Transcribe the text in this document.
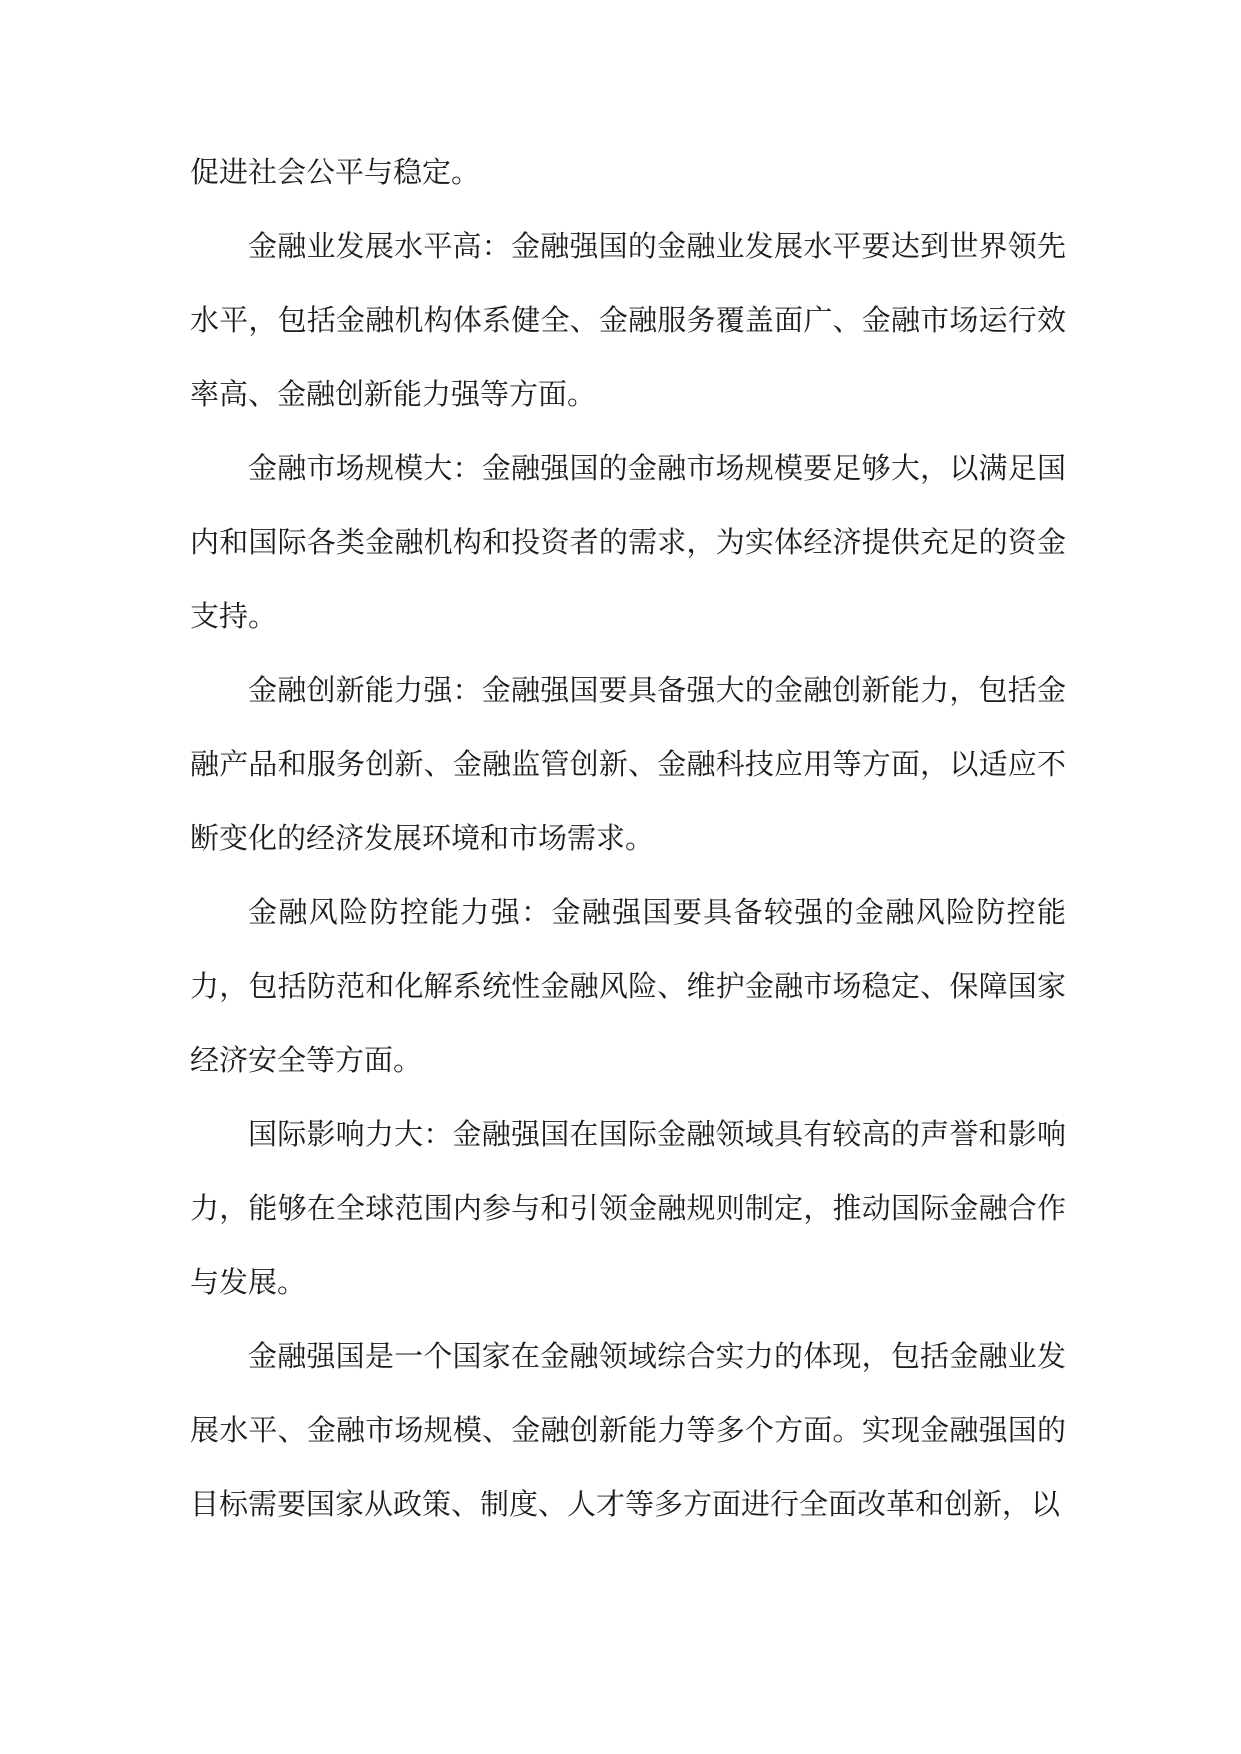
促进社会公平与稳定。

金融业发展水平高：金融强国的金融业发展水平要达到世界领先水平，包括金融机构体系健全、金融服务覆盖面广、金融市场运行效率高、金融创新能力强等方面。

金融市场规模大：金融强国的金融市场规模要足够大，以满足国内和国际各类金融机构和投资者的需求，为实体经济提供充足的资金支持。

金融创新能力强：金融强国要具备强大的金融创新能力，包括金融产品和服务创新、金融监管创新、金融科技应用等方面，以适应不断变化的经济发展环境和市场需求。

金融风险防控能力强：金融强国要具备较强的金融风险防控能力，包括防范和化解系统性金融风险、维护金融市场稳定、保障国家经济安全等方面。

国际影响力大：金融强国在国际金融领域具有较高的声誉和影响力，能够在全球范围内参与和引领金融规则制定，推动国际金融合作与发展。

金融强国是一个国家在金融领域综合实力的体现，包括金融业发展水平、金融市场规模、金融创新能力等多个方面。实现金融强国的目标需要国家从政策、制度、人才等多方面进行全面改革和创新，以
